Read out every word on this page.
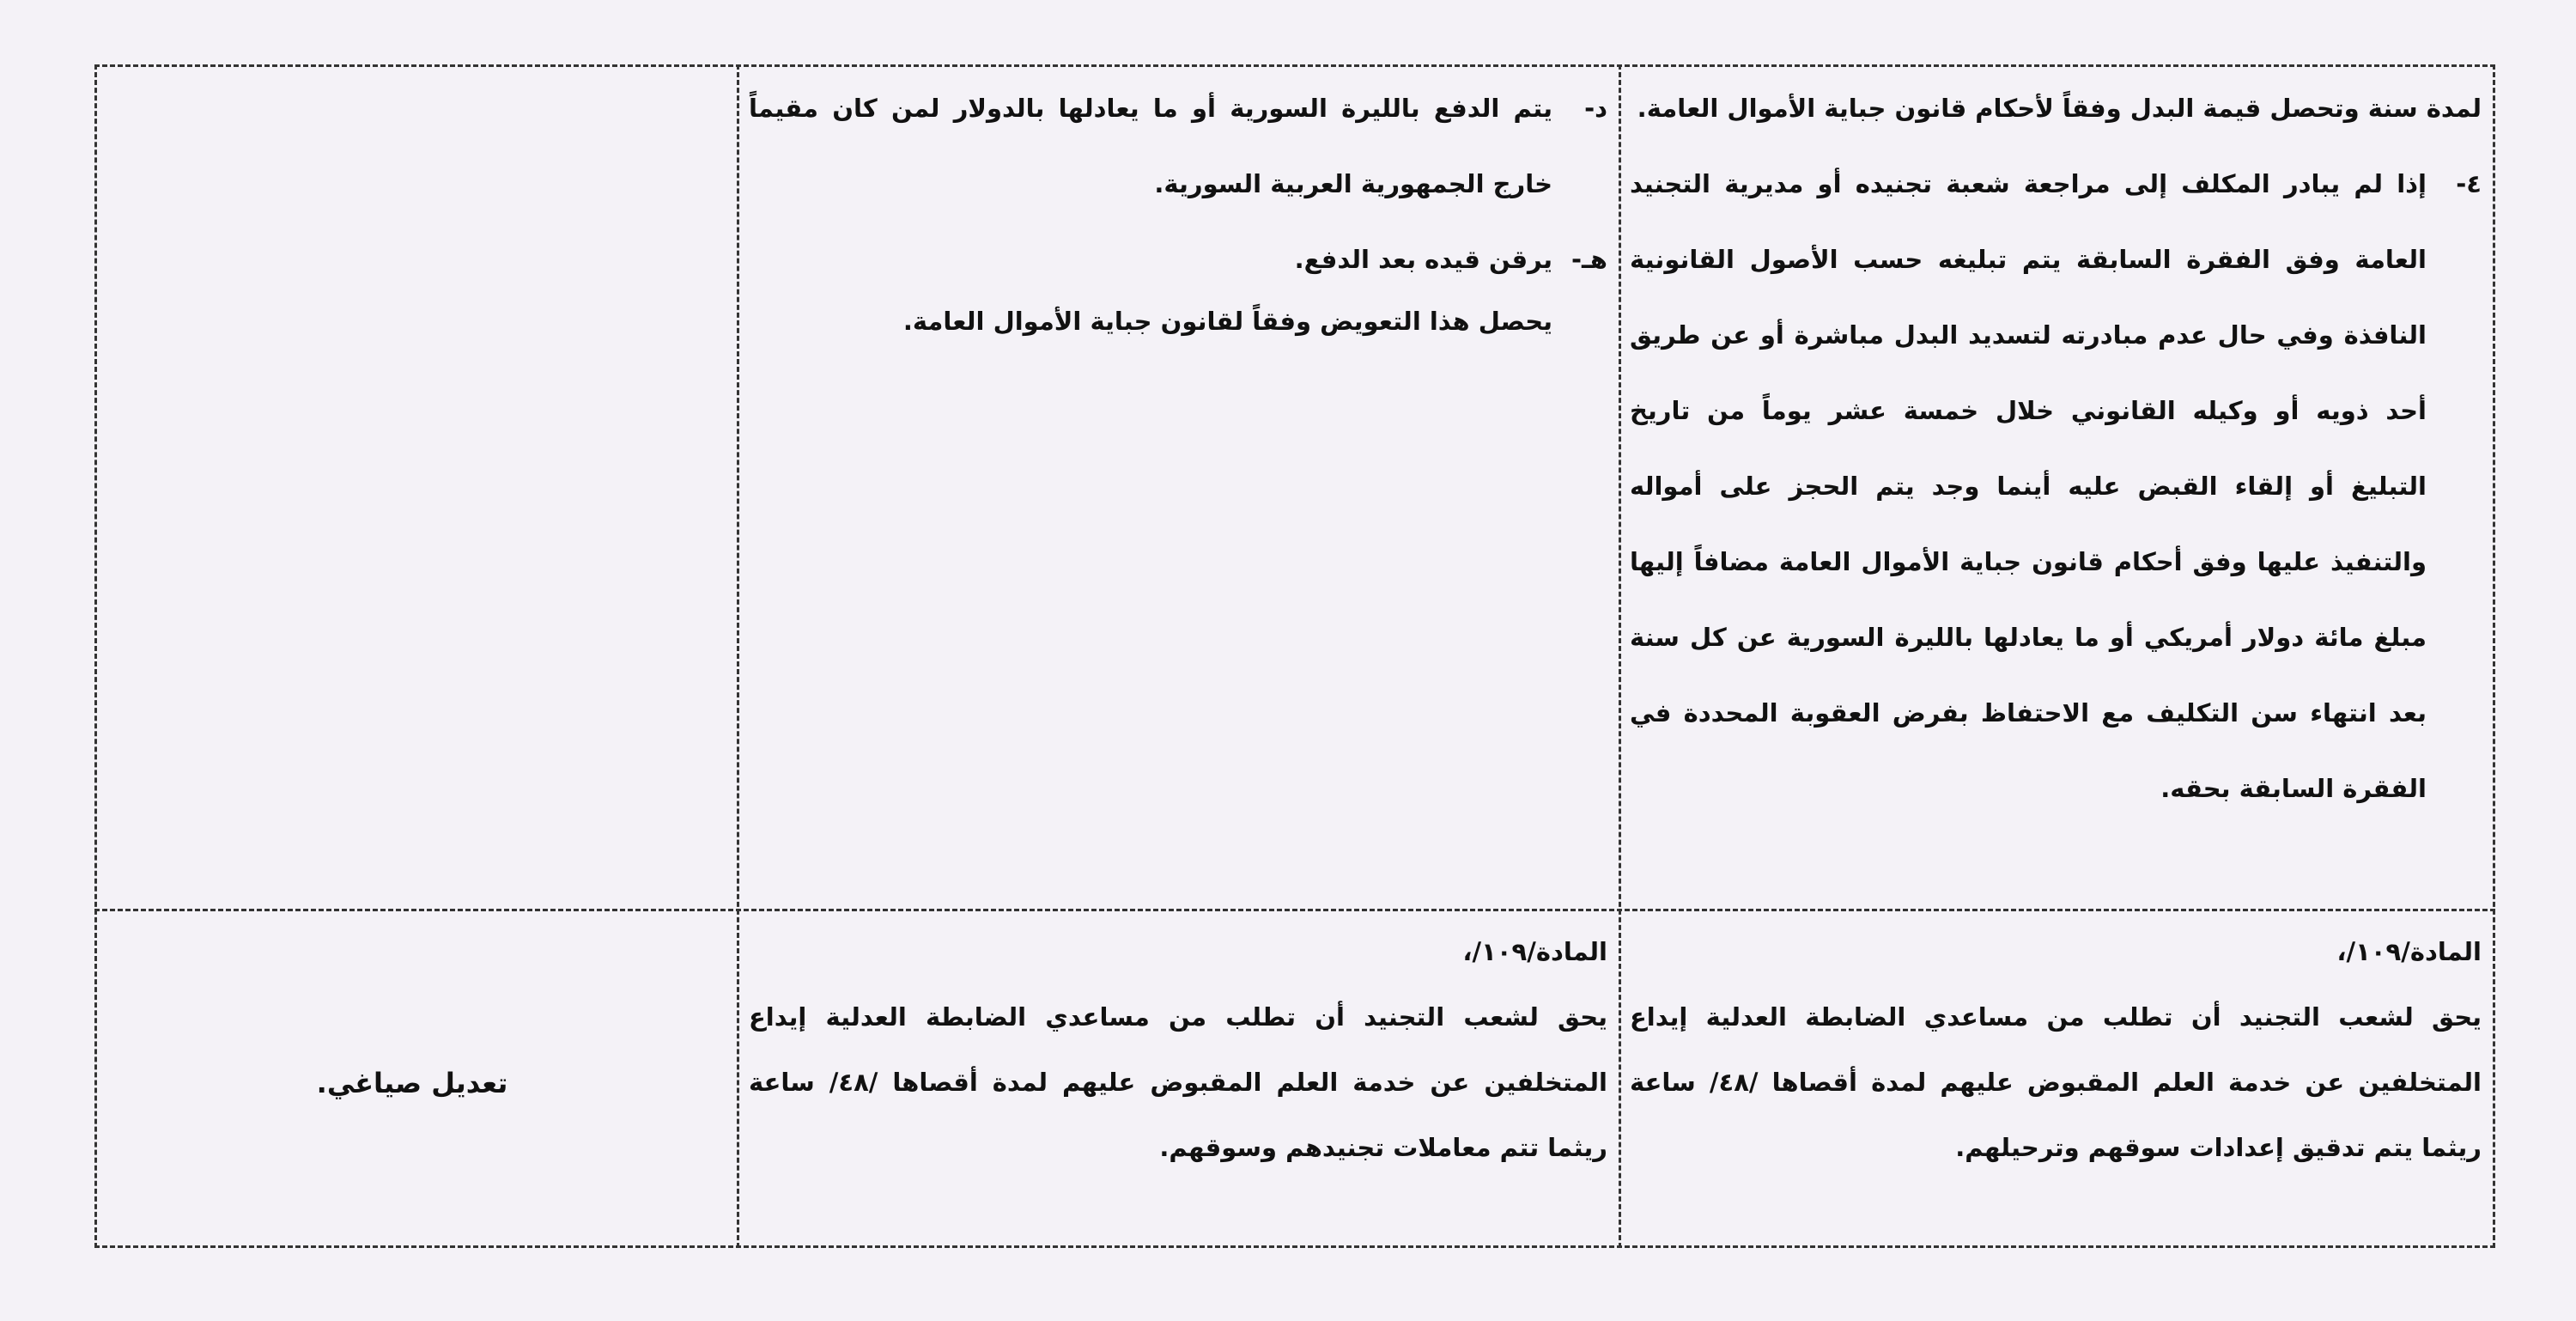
لمدة سنة وتحصل قيمة البدل وفقاً لأحكام قانون جباية الأموال العامة.

٤-
إذا لم يبادر المكلف إلى مراجعة شعبة تجنيده أو مديرية التجنيد العامة وفق الفقرة السابقة يتم تبليغه حسب الأصول القانونية النافذة وفي حال عدم مبادرته لتسديد البدل مباشرة أو عن طريق أحد ذويه أو وكيله القانوني خلال خمسة عشر يوماً من تاريخ التبليغ أو إلقاء القبض عليه أينما وجد يتم الحجز على أمواله والتنفيذ عليها وفق أحكام قانون جباية الأموال العامة مضافاً إليها مبلغ مائة دولار أمريكي أو ما يعادلها بالليرة السورية عن كل سنة بعد انتهاء سن التكليف مع الاحتفاظ بفرض العقوبة المحددة في الفقرة السابقة بحقه.
د-
يتم الدفع بالليرة السورية أو ما يعادلها بالدولار لمن كان مقيماً خارج الجمهورية العربية السورية.
هـ-
يرقن قيده بعد الدفع.

يحصل هذا التعويض وفقاً لقانون جباية الأموال العامة.

المادة/١٠٩/،

يحق لشعب التجنيد أن تطلب من مساعدي الضابطة العدلية إيداع المتخلفين عن خدمة العلم المقبوض عليهم لمدة أقصاها /٤٨/ ساعة ريثما يتم تدقيق إعدادات سوقهم وترحيلهم.

المادة/١٠٩/،

يحق لشعب التجنيد أن تطلب من مساعدي الضابطة العدلية إيداع المتخلفين عن خدمة العلم المقبوض عليهم لمدة أقصاها /٤٨/ ساعة ريثما تتم معاملات تجنيدهم وسوقهم.

تعديل صياغي.
